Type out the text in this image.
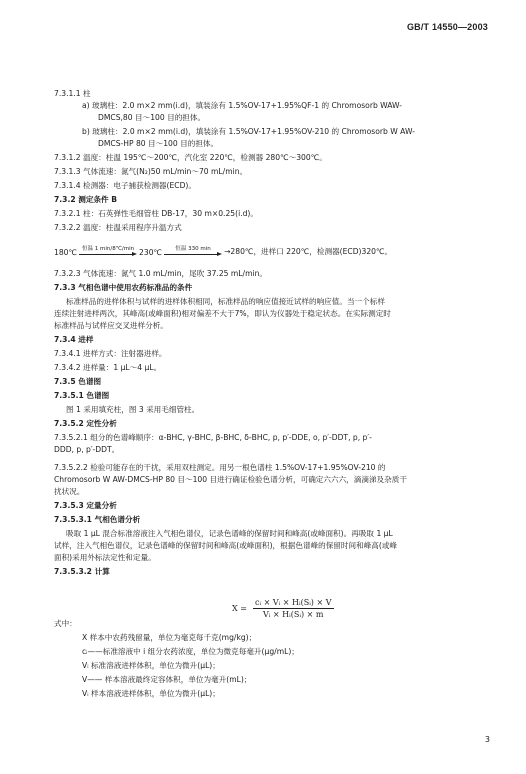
GB/T 14550—2003
7.3.1.1 柱
a) 玻璃柱：2.0 m×2 mm(i.d)，填装涂有 1.5%OV-17+1.95%QF-1 的 Chromosorb WAW-
DMCS,80 目～100 目的担体。
b) 玻璃柱：2.0 m×2 mm(i.d)，填装涂有 1.5%OV-17+1.95%OV-210 的 Chromosorb W AW-
DMCS-HP 80 目～100 目的担体。
7.3.1.2 温度：柱温 195℃～200℃，汽化室 220℃，检测器 280℃～300℃。
7.3.1.3 气体流速：氮气(N₂)50 mL/min～70 mL/min。
7.3.1.4 检测器：电子捕获检测器(ECD)。
7.3.2 测定条件 B
7.3.2.1 柱：石英弹性毛细管柱 DB-17，30 m×0.25(i.d)。
7.3.2.2 温度：柱温采用程序升温方式
7.3.2.3 气体流速：氮气 1.0 mL/min，尾吹 37.25 mL/min。
7.3.3 气相色谱中使用农药标准品的条件
标准样品的进样体积与试样的进样体积相同，标准样品的响应值接近试样的响应值。当一个标样
连续注射进样两次，其峰高(或峰面积)相对偏差不大于7%，即认为仪器处于稳定状态。在实际测定时
标准样品与试样应交叉进样分析。
7.3.4 进样
7.3.4.1 进样方式：注射器进样。
7.3.4.2 进样量：1 μL～4 μL。
7.3.5 色谱图
7.3.5.1 色谱图
图 1 采用填充柱，图 3 采用毛细管柱。
7.3.5.2 定性分析
7.3.5.2.1 组分的色谱峰顺序：α-BHC, γ-BHC, β-BHC, δ-BHC, p, p′-DDE, o, p′-DDT, p, p′-
DDD, p, p′-DDT。
7.3.5.2.2 检验可能存在的干扰，采用双柱测定。用另一根色谱柱 1.5%OV-17+1.95%OV-210 的
Chromosorb W AW-DMCS-HP 80 目～100 目进行确证检验色谱分析，可确定六六六，滴滴涕及杂质干
扰状况。
7.3.5.3 定量分析
7.3.5.3.1 气相色谱分析
吸取 1 μL 混合标准溶液注入气相色谱仪，记录色谱峰的保留时间和峰高(或峰面积)。再吸取 1 μL
试样，注入气相色谱仪，记录色谱峰的保留时间和峰高(或峰面积)，根据色谱峰的保留时间和峰高(或峰
面积)采用外标法定性和定量。
7.3.5.3.2 计算
式中：
X 样本中农药残留量，单位为毫克每千克(mg/kg)；
cᵢ——标准溶液中 i 组分农药浓度，单位为微克每毫升(μg/mL)；
Vᵢ 标准溶液进样体积，单位为微升(μL)；
V—— 样本溶液最终定容体积，单位为毫升(mL)；
Vᵢ 样本溶液进样体积，单位为微升(μL)；
180℃ 恒温 1 min/8℃/min 230℃ 恒温 330 min →280℃，进样口 220℃，检测器(ECD)320℃。
$X = \frac{\text{cᵢ × Vᵢ × Hᵢ(Sᵢ) × V}}{\text{Vᵢ × Hᵢ(Sᵢ) × m}}$
3
